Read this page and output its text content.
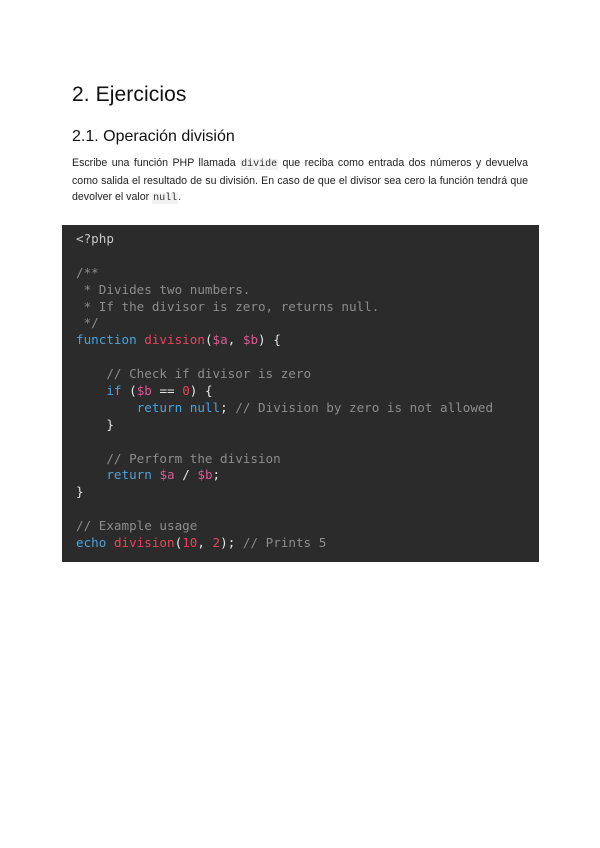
2. Ejercicios
2.1. Operación división

Escribe una función PHP llamada divide que reciba como entrada dos números y devuelva como salida el resultado de su división. En caso de que el divisor sea cero la función tendrá que devolver el valor null.

<?php
/**
* Divides two numbers.
* If the divisor is zero, returns null.
*/
function division($a, $b) {
// Check if divisor is zero
if ($b == 0) {
return null; // Division by zero is not allowed
}
// Perform the division
return $a / $b;
}
// Example usage
echo division(10, 2); // Prints 5
